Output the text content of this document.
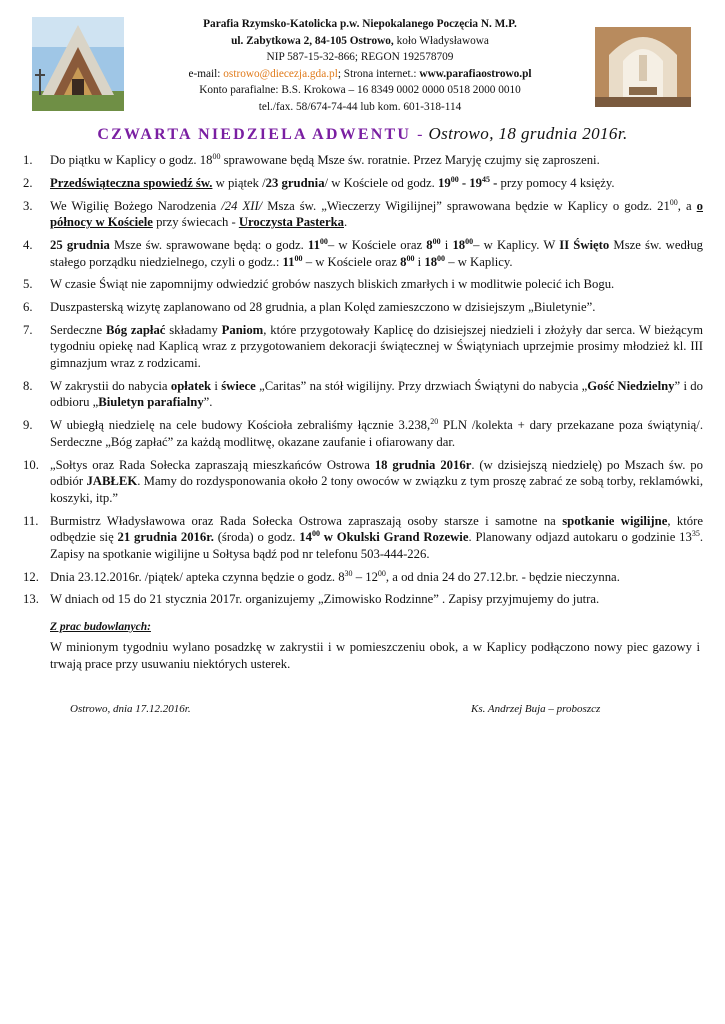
Parafia Rzymsko-Katolicka p.w. Niepokalanego Poczęcia N. M.P.
ul. Zabytkowa 2, 84-105 Ostrowo, koło Władysławowa
NIP 587-15-32-866; REGON 192578709
e-mail: ostrowo@diecezja.gda.pl; Strona internet.: www.parafiaostrowo.pl
Konto parafialne: B.S. Krokowa – 16 8349 0002 0000 0518 2000 0010
tel./fax. 58/674-74-44 lub kom. 601-318-114
CZWARTA NIEDZIELA ADWENTU - Ostrowo, 18 grudnia 2016r.
1.	Do piątku w Kaplicy o godz. $18^{00}$ sprawowane będą Msze św. roratnie. Przez Maryję czujmy się zaproszeni.
2.	Przedświąteczna spowiedź św. w piątek /23 grudnia/ w Kościele od godz. $19^{00} - 19^{45}$ - przy pomocy 4 księży.
3.	We Wigilię Bożego Narodzenia /24 XII/ Msza św. „Wieczerzy Wigilijnej” sprawowana będzie w Kaplicy o godz. $21^{00}$, a o północy w Kościele przy świecach - Uroczysta Pasterka.
4.	25 grudnia Msze św. sprawowane będą: o godz. $11^{00}-$ w Kościele oraz $8^{00}$ i $18^{00}-$ w Kaplicy. W II Święto Msze św. według stałego porządku niedzielnego, czyli o godz.: $11^{00}$ – w Kościele oraz $8^{00}$ i $18^{00}$ – w Kaplicy.
5.	W czasie Świąt nie zapomnijmy odwiedzić grobów naszych bliskich zmarłych i w modlitwie polecić ich Bogu.
6.	Duszpasterską wizytę zaplanowano od 28 grudnia, a plan Kolęd zamieszczono w dzisiejszym „Biuletynie”.
7.	Serdeczne Bóg zapłać składamy Paniom, które przygotowały Kaplicę do dzisiejszej niedzieli i złożyły dar serca. W bieżącym tygodniu opiekę nad Kaplicą wraz z przygotowaniem dekoracji świątecznej w Świątyniach uprzejmie prosimy młodzież kl. III gimnazjum wraz z rodzicami.
8.	W zakrystii do nabycia opłatek i świece „Caritas” na stół wigilijny. Przy drzwiach Świątyni do nabycia „Gość Niedzielny” i do odbioru „Biuletyn parafialny”.
9.	W ubiegłą niedzielę na cele budowy Kościoła zebraliśmy łącznie 3.238,20 PLN /kolekta + dary przekazane poza świątynią/. Serdeczne „Bóg zapłać” za każdą modlitwę, okazane zaufanie i ofiarowany dar.
10. „Sołtys oraz Rada Sołecka zapraszają mieszkańców Ostrowa 18 grudnia 2016r. (w dzisiejszą niedzielę) po Mszach św. po odbiór JABŁEK. Mamy do rozdysponowania około 2 tony owoców w związku z tym proszę zabrać ze sobą torby, reklamówki, koszyki, itp.”
11. Burmistrz Władysławowa oraz Rada Sołecka Ostrowa zapraszają osoby starsze i samotne na spotkanie wigilijne, które odbędzie się 21 grudnia 2016r. (środa) o godz. $14^{00}$ w Okulski Grand Rozewie. Planowany odjazd autokaru o godzinie $13^{35}$. Zapisy na spotkanie wigilijne u Sołtysa bądź pod nr telefonu 503-444-226.
12. Dnia 23.12.2016r. /piątek/ apteka czynna będzie o godz. $8^{30} - 12^{00}$, a od dnia 24 do 27.12.br. - będzie nieczynna.
13. W dniach od 15 do 21 stycznia 2017r. organizujemy „Zimowisko Rodzinne” . Zapisy przyjmujemy do jutra.
Z prac budowlanych:
W minionym tygodniu wylano posadzkę w zakrystii i w pomieszczeniu obok, a w Kaplicy podłączono nowy piec gazowy i trwają prace przy usuwaniu niektórych usterek.
Ostrowo, dnia 17.12.2016r.	Ks. Andrzej Buja – proboszcz
